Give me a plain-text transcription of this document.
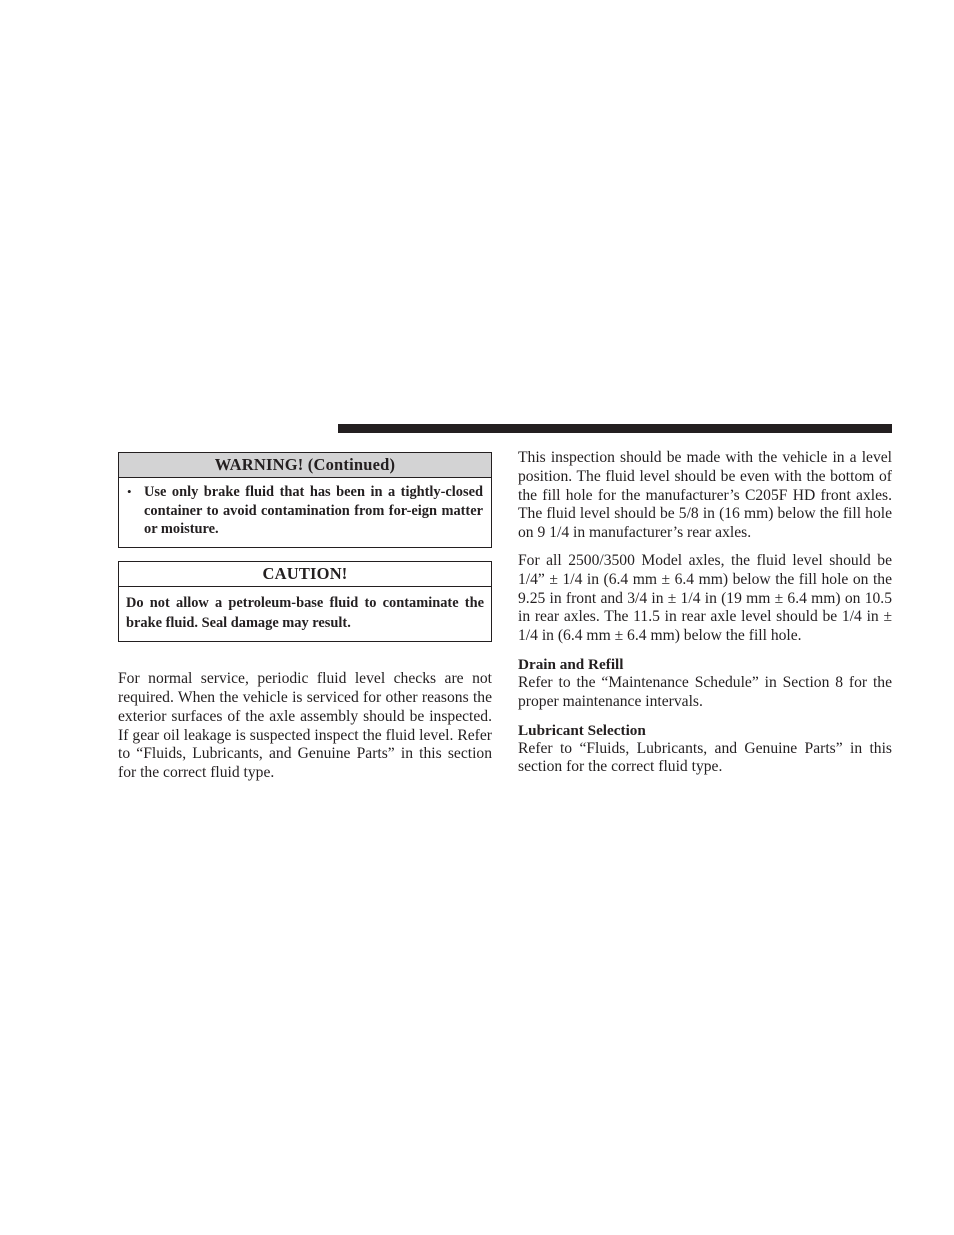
WARNING! (Continued)
• Use only brake fluid that has been in a tightly-closed container to avoid contamination from for-eign matter or moisture.
CAUTION!
Do not allow a petroleum-base fluid to contaminate the brake fluid. Seal damage may result.

For normal service, periodic fluid level checks are not required. When the vehicle is serviced for other reasons the exterior surfaces of the axle assembly should be inspected. If gear oil leakage is suspected inspect the fluid level. Refer to “Fluids, Lubricants, and Genuine Parts” in this section for the correct fluid type.

This inspection should be made with the vehicle in a level position. The fluid level should be even with the bottom of the fill hole for the manufacturer’s C205F HD front axles. The fluid level should be 5/8 in (16 mm) below the fill hole on 9 1/4 in manufacturer’s rear axles.

For all 2500/3500 Model axles, the fluid level should be 1/4” ± 1/4 in (6.4 mm ± 6.4 mm) below the fill hole on the 9.25 in front and 3/4 in ± 1/4 in (19 mm ± 6.4 mm) on 10.5 in rear axles. The 11.5 in rear axle level should be 1/4 in ± 1/4 in (6.4 mm ± 6.4 mm) below the fill hole.

Drain and Refill

Refer to the “Maintenance Schedule” in Section 8 for the proper maintenance intervals.

Lubricant Selection

Refer to “Fluids, Lubricants, and Genuine Parts” in this section for the correct fluid type.
